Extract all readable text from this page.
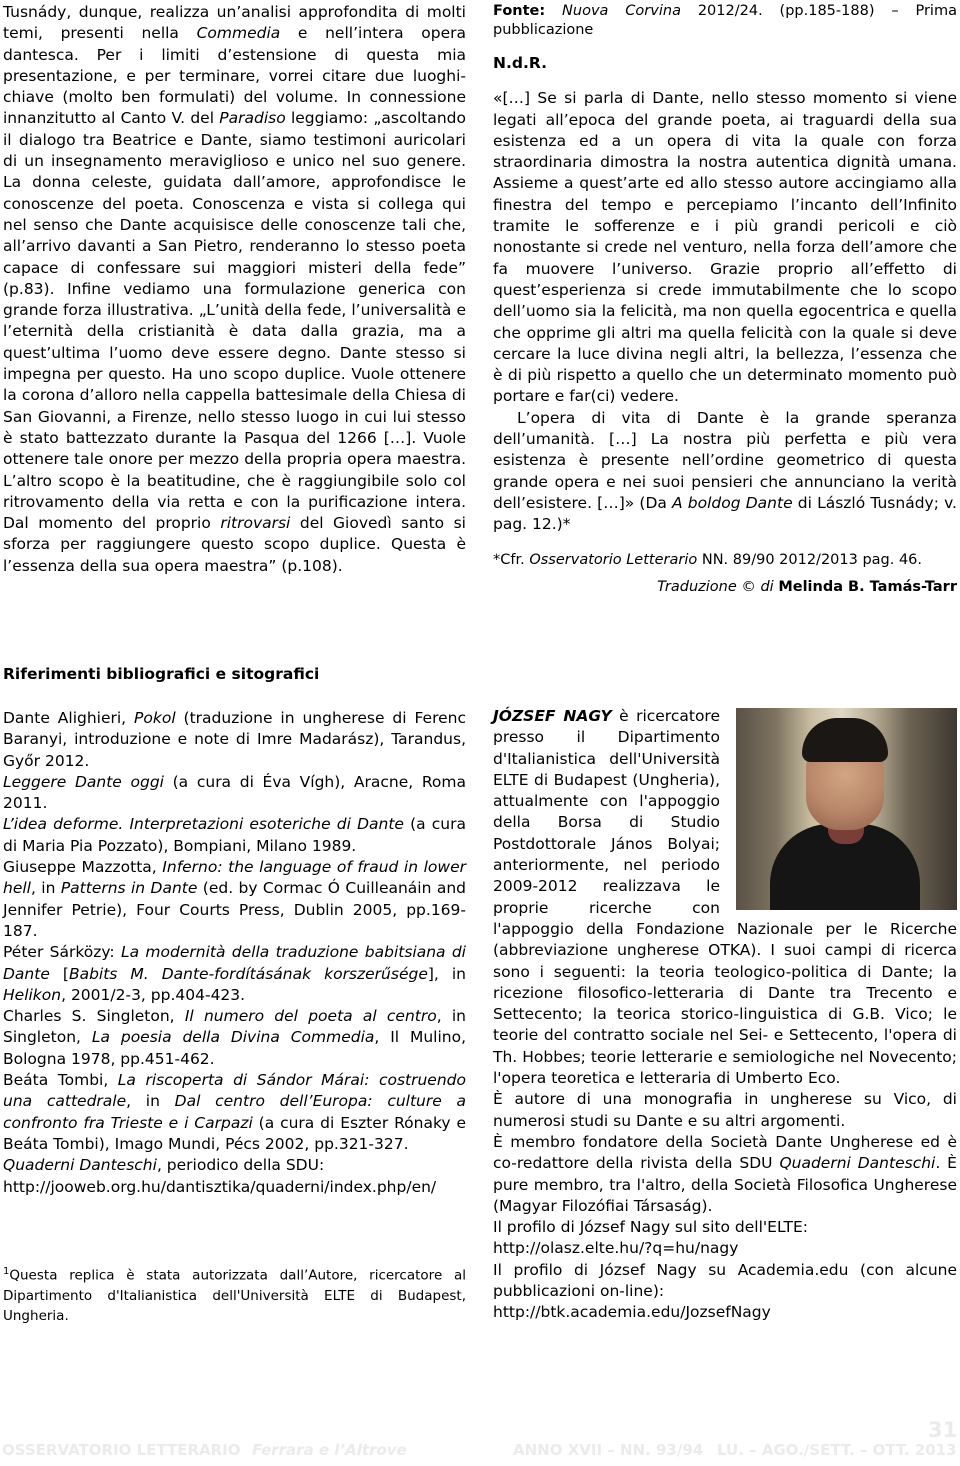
Tusnády, dunque, realizza un’analisi approfondita di molti temi, presenti nella Commedia e nell’intera opera dantesca. Per i limiti d’estensione di questa mia presentazione, e per terminare, vorrei citare due luoghi-chiave (molto ben formulati) del volume. In connessione innanzitutto al Canto V. del Paradiso leggiamo: „ascoltando il dialogo tra Beatrice e Dante, siamo testimoni auricolari di un insegnamento meraviglioso e unico nel suo genere. La donna celeste, guidata dall’amore, approfondisce le conoscenze del poeta. Conoscenza e vista si collega qui nel senso che Dante acquisisce delle conoscenze tali che, all’arrivo davanti a San Pietro, renderanno lo stesso poeta capace di confessare sui maggiori misteri della fede” (p.83). Infine vediamo una formulazione generica con grande forza illustrativa. „L’unità della fede, l’universalità e l’eternità della cristianità è data dalla grazia, ma a quest’ultima l’uomo deve essere degno. Dante stesso si impegna per questo. Ha uno scopo duplice. Vuole ottenere la corona d’alloro nella cappella battesimale della Chiesa di San Giovanni, a Firenze, nello stesso luogo in cui lui stesso è stato battezzato durante la Pasqua del 1266 […]. Vuole ottenere tale onore per mezzo della propria opera maestra. L’altro scopo è la beatitudine, che è raggiungibile solo col ritrovamento della via retta e con la purificazione intera. Dal momento del proprio ritrovarsi del Giovedì santo si sforza per raggiungere questo scopo duplice. Questa è l’essenza della sua opera maestra” (p.108).

Fonte: Nuova Corvina 2012/24. (pp.185-188) – Prima pubblicazione

N.d.R.

«[…] Se si parla di Dante, nello stesso momento si viene legati all’epoca del grande poeta, ai traguardi della sua esistenza ed a un opera di vita la quale con forza straordinaria dimostra la nostra autentica dignità umana. Assieme a quest’arte ed allo stesso autore accingiamo alla finestra del tempo e percepiamo l’incanto dell’Infinito tramite le sofferenze e i più grandi pericoli e ciò nonostante si crede nel venturo, nella forza dell’amore che fa muovere l’universo. Grazie proprio all’effetto di quest’esperienza si crede immutabilmente che lo scopo dell’uomo sia la felicità, ma non quella egocentrica e quella che opprime gli altri ma quella felicità con la quale si deve cercare la luce divina negli altri, la bellezza, l’essenza che è di più rispetto a quello che un determinato momento può portare e far(ci) vedere.

L’opera di vita di Dante è la grande speranza dell’umanità. […] La nostra più perfetta e più vera esistenza è presente nell’ordine geometrico di questa grande opera e nei suoi pensieri che annunciano la verità dell’esistere. […]» (Da A boldog Dante di László Tusnády; v. pag. 12.)*

*Cfr. Osservatorio Letterario NN. 89/90 2012/2013 pag. 46.

Traduzione © di Melinda B. Tamás-Tarr

Riferimenti bibliografici e sitografici

Dante Alighieri, Pokol (traduzione in ungherese di Ferenc Baranyi, introduzione e note di Imre Madarász), Tarandus, Győr 2012.

Leggere Dante oggi (a cura di Éva Vígh), Aracne, Roma 2011.

L’idea deforme. Interpretazioni esoteriche di Dante (a cura di Maria Pia Pozzato), Bompiani, Milano 1989.

Giuseppe Mazzotta, Inferno: the language of fraud in lower hell, in Patterns in Dante (ed. by Cormac Ó Cuilleanáin and Jennifer Petrie), Four Courts Press, Dublin 2005, pp.169-187.

Péter Sárközy: La modernità della traduzione babitsiana di Dante [Babits M. Dante-fordításának korszerűsége], in Helikon, 2001/2-3, pp.404-423.

Charles S. Singleton, Il numero del poeta al centro, in Singleton, La poesia della Divina Commedia, Il Mulino, Bologna 1978, pp.451-462.

Beáta Tombi, La riscoperta di Sándor Márai: costruendo una cattedrale, in Dal centro dell’Europa: culture a confronto fra Trieste e i Carpazi (a cura di Eszter Rónaky e Beáta Tombi), Imago Mundi, Pécs 2002, pp.321-327.

Quaderni Danteschi, periodico della SDU:

http://jooweb.org.hu/dantisztika/quaderni/index.php/en/

$^1$Questa replica è stata autorizzata dall’Autore, ricercatore al Dipartimento d'Italianistica dell'Università ELTE di Budapest, Ungheria.

JÓZSEF NAGY è ricercatore presso il Dipartimento d'Italianistica dell'Università ELTE di Budapest (Ungheria), attualmente con l'appoggio della Borsa di Studio Postdottorale János Bolyai; anteriormente, nel periodo 2009-2012 realizzava le proprie ricerche con l'appoggio della Fondazione Nazionale per le Ricerche (abbreviazione ungherese OTKA). I suoi campi di ricerca sono i seguenti: la teoria teologico-politica di Dante; la ricezione filosofico-letteraria di Dante tra Trecento e Settecento; la teorica storico-linguistica di G.B. Vico; le teorie del contratto sociale nel Sei- e Settecento, l'opera di Th. Hobbes; teorie letterarie e semiologiche nel Novecento; l'opera teoretica e letteraria di Umberto Eco.

È autore di una monografia in ungherese su Vico, di numerosi studi su Dante e su altri argomenti.

È membro fondatore della Società Dante Ungherese ed è co-redattore della rivista della SDU Quaderni Danteschi. È pure membro, tra l'altro, della Società Filosofica Ungherese (Magyar Filozófiai Társaság).

Il profilo di József Nagy sul sito dell'ELTE:

http://olasz.elte.hu/?q=hu/nagy

Il profilo di József Nagy su Academia.edu (con alcune pubblicazioni on-line):

http://btk.academia.edu/JozsefNagy

31
OSSERVATORIO LETTERARIO Ferrara e l’Altrove	ANNO XVII – NN. 93/94 LU. – AGO./SETT. – OTT. 2013
